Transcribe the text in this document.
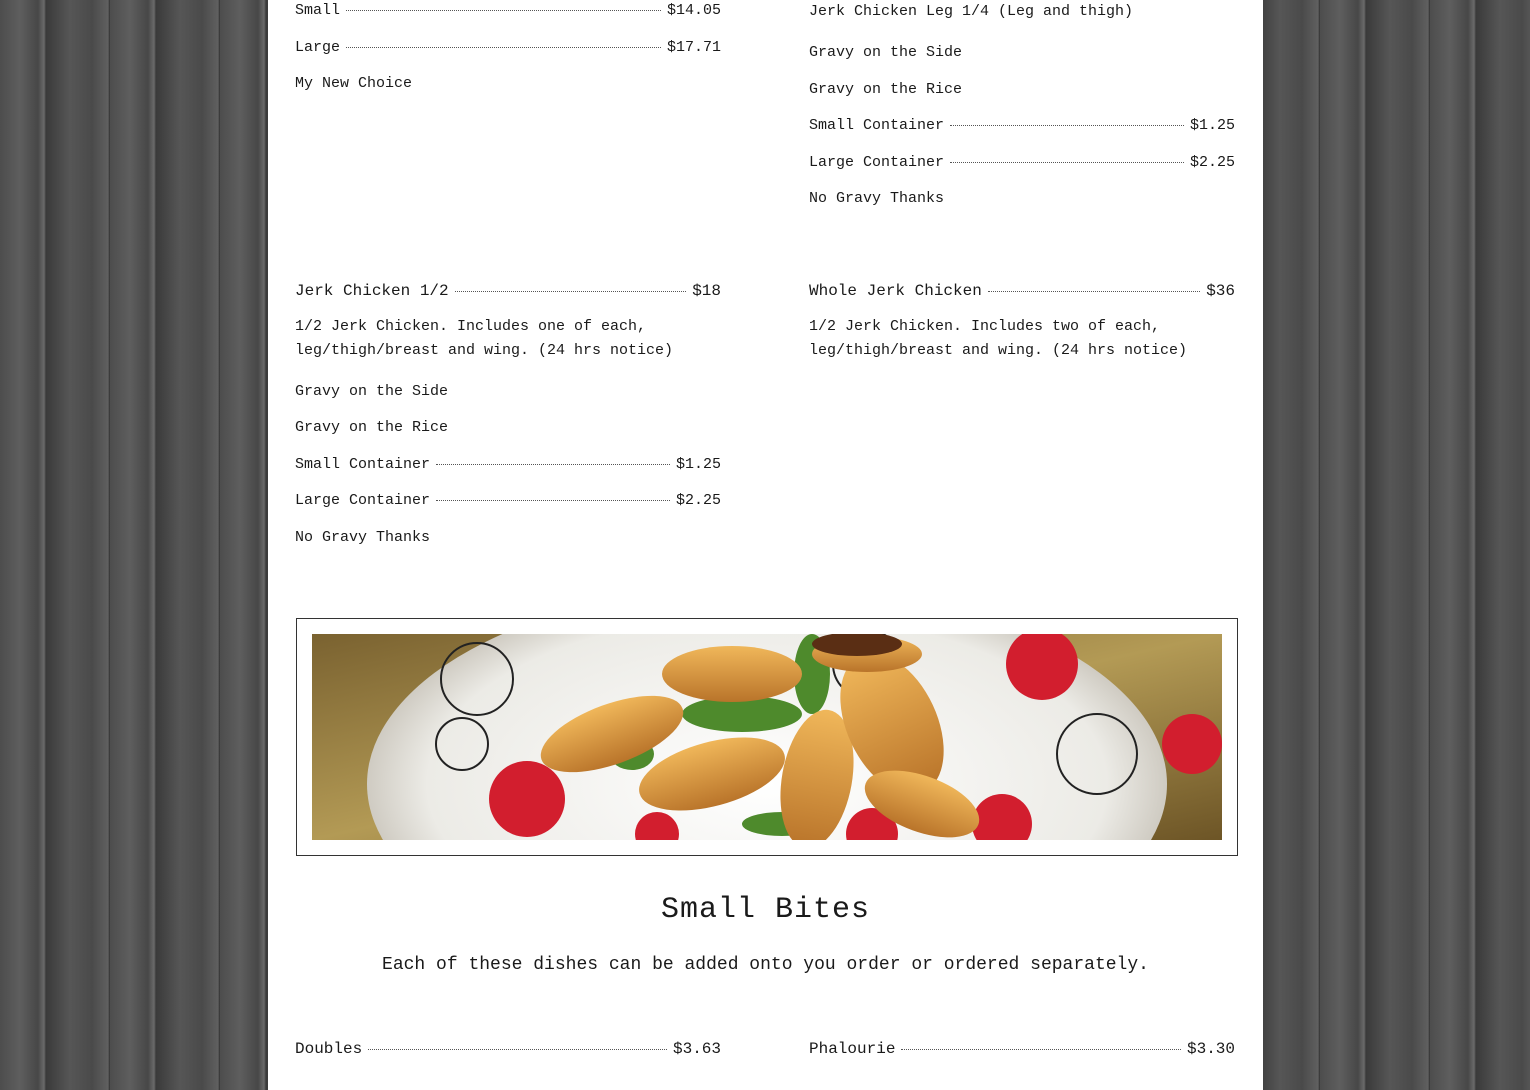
Small	$14.05
Large	$17.71
My New Choice
Jerk Chicken Leg 1/4 (Leg and thigh)
Gravy on the Side
Gravy on the Rice
Small Container	$1.25
Large Container	$2.25
No Gravy Thanks
Jerk Chicken 1/2	$18
1/2 Jerk Chicken. Includes one of each, leg/thigh/breast and wing. (24 hrs notice)
Gravy on the Side
Gravy on the Rice
Small Container	$1.25
Large Container	$2.25
No Gravy Thanks
Whole Jerk Chicken	$36
1/2 Jerk Chicken. Includes two of each, leg/thigh/breast and wing. (24 hrs notice)
Small Bites
Each of these dishes can be added onto you order or ordered separately.
Doubles	$3.63	Phalourie	$3.30
